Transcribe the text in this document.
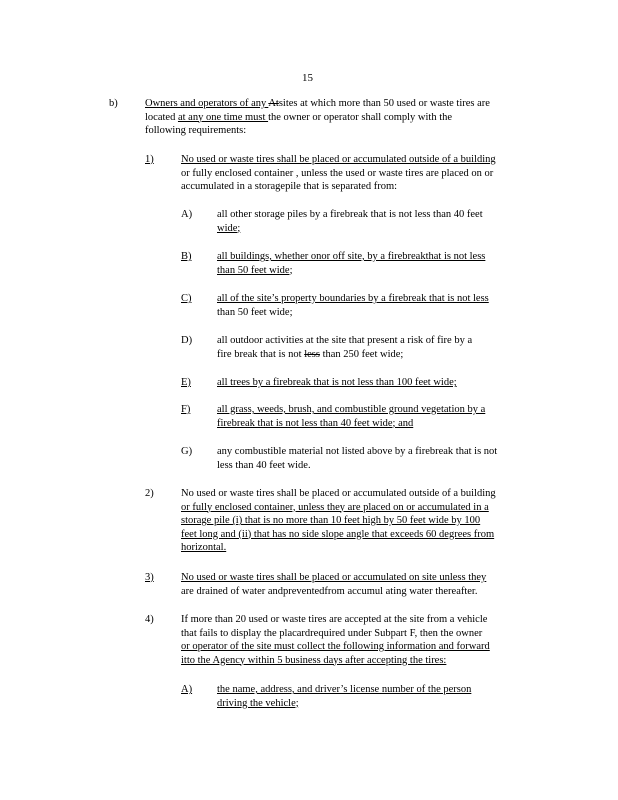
15
b)	Owners and operators of any Atsites at which more than 50 used or waste tires are
located at any one time must the owner or operator shall comply with the
following requirements:
1)	No used or waste tires shall be placed or accumulated outside of a building
or fully enclosed container , unless the used or waste tires are placed on or
accumulated in a storagepile that is separated from:
A) all other storage piles by a firebreak that is not less than 40 feet
wide;
B) all buildings, whether onor off site, by a firebreakthat is not less
than 50 feet wide;
C) all of the site’s property boundaries by a firebreak that is not less
than 50 feet wide;
D) all outdoor activities at the site that present a risk of fire by a
fire break that is not less than 250 feet wide;
E) all trees by a firebreak that is not less than 100 feet wide;
F)	all grass, weeds, brush, and combustible ground vegetation by a
firebreak that is not less than 40 feet wide; and
G) any combustible material not listed above by a firebreak that is not
less than 40 feet wide.
2)	No used or waste tires shall be placed or accumulated outside of a building
or fully enclosed container, unless they are placed on or accumulated in a
storage pile (i) that is no more than 10 feet high by 50 feet wide by 100
feet long and (ii) that has no side slope angle that exceeds 60 degrees from
horizontal.
3)	No used or waste tires shall be placed or accumulated on site unless they
are drained of water andpreventedfrom accumul ating water thereafter.
4)	If more than 20 used or waste tires are accepted at the site from a vehicle
that fails to display the placardrequired under Subpart F, then the owner
or operator of the site must collect the following information and forward
itto the Agency within 5 business days after accepting the tires:
A) the name, address, and driver’s license number of the person
driving the vehicle;
